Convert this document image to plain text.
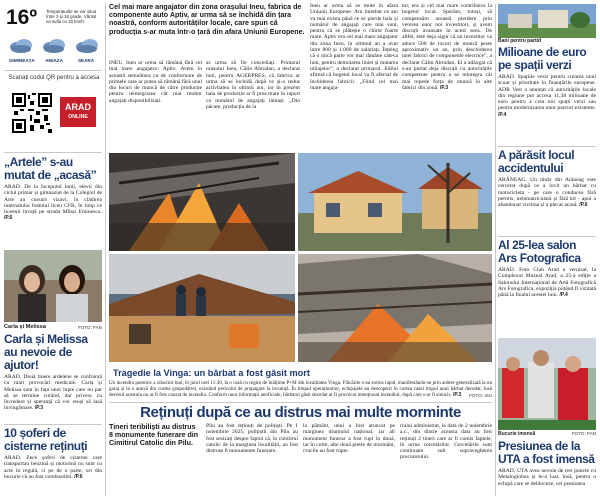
16º Temperaturile se vor situa între 3 și 16 grade. Vântul va sufla cu 10 km/h.
DIMINEAȚA	AMIAZA	SEARA
Scanați codul QR pentru a accesa
ARAD
ONLINE
„Artele” s-au mutat de „acasă”
ARAD. De la începutul lunii, elevii din ciclul primar și gimnazial de la Colegiul de Arte au cursuri vizavi, în clădirea internatului fostului liceu CFR, în timp ce liceenii învață pe strada Mihai Eminescu. /P.6
Carla și Melissa	FOTO: FAN
Carla și Melissa au nevoie de ajutor!
ARAD. Două tinere ardelene se confruntă cu mari provocări medicale. Carla și Melissa sunt în fața unor lupte care nu par să se termine curând, dar privesc cu încredere și speranță că vor reuși să lasă învingătoare. /P.3
10 șoferi de cisterne reținuți
ARAD. Zece șoferi de cisterne care transportau benzină și motorină nu sunt cu acte în regulă, ci pe de o parte, ori din bucurie că au fost combustibil. /P.6
Cel mai mare angajator din zona orașului Ineu, fabrica de componente auto Aptiv, ar urma să se închidă din țara noastră, conform autorităților locale, care spun că producția s-ar muta într-o țară din afara Uniunii Europene.
INEU. Ineu ar urma să rămână fără cel mai mare angajator: Aptiv. Avem în această semnătura cu de conformare de primele care ar putea să rămână fără unul din locuri de muncă de către producție pentru reintegrarea cât mai multor angajați disponibilizați.
ar urma să fie concediați. Primarul orașului Ineu, Călin Abrudan, a declarat luni, pentru AGERPRES, că fabrica ar urma să se închidă după ce și-a redus activitatea în ultimii ani, iar în prezent hala de producție ar fi prea mare în raport cu numărul de angajați rămași. „Din păcate, producția de la
Ineu ar urma să se mute în afara Uniunii Europene. Am întrebat ce ani va mai exista până ce se pierde hala și numărul de angajați care mai sunt, pentru că se plătește o chirie foarte mare. Aptiv era cel mai mare angajator din zona Ineu, în ultimul an a avut între 800 și 1.000 de salariați. Înțeleg că o mică parte vor mai rămâne câteva luni, pentru demolarea liniei și mutarea utilajelor”, a declarat primarul. Edilul afirmă că bugetul local va fi afectat de închiderea fabricii. „Fiind cel mai mare angaja-
tor, era și cel mai mare contributor la bugetul local. Sperăm, totuși, să compensăm această pierdere prin venirea unor noi investitori, și avem discuții avansate în acest sens. De altfel, este deja sigur că un investitor va aduce 500 de locuri de muncă peste aproximativ un an, prin deschiderea unei fabrici de componente electrice”, a declarat Călin Abrudan. El a adăugat că s-au purtat deja discuții cu autoritățile competente pentru a se reintegra cât mai repede forța de muncă în alte fabrici din zonă. /P.3
Tragedie la Vinga: un bărbat a fost găsit mort
Un incendiu puternic a izbucnit luni, în jurul orei 11:30, la o casă cu regim de înălțime P+M din localitatea Vinga. Flăcările s-au extins rapid, manifestându-se prin ardere generalizată la un garaj și la o anexă din curtea gospodăriei, existând pericolul de propagare la locuință. În timpul operațiunilor, echipajele au descoperit în curtea casei trupul unui bărbat decedat, însă decesul acestuia nu ar fi fost cauzat de incendiu. Conform unor informații neoficiale, bărbatul găsit decedat ar fi provocat intenționat incendiul, după care s-ar fi sinucis. /P.3 FOTO: ISU
Reținuți după ce au distrus mai multe morminte
Tineri teribiliști au distrus 8 monumente funerare din Cimitirul Catolic din Pilu.
Pilu au fost reținuți de polițiști. Pe 1 noiembrie 2025, polițiștii din Pilu au fost sesizați despre faptul că, în cimitirul catolic de la marginea localității, au fost distruse 8 monumente funerare.
la pământ, unui a fost aruncat pe marginea drumului național, iar alt monument funerar a fost rupt în două, iar în curte, alte două pietre de mormânt, crucile au fost rupte.
riului administrat, la data de 2 noiembrie a.c., din dintre aceasta data au fost reținuți 2 tineri care ar fi comis faptele, în urma cercetărilor. Cercetările sunt continuate sub supravegherea procurorului.
Bani pentru partid
Milioane de euro pe spații verzi
ARAD. Spațiile verzi pentru crearea unui scuar și prioritate în finanțările europene. ADR Vest a anunțat că autoritățile locale din regiune pot accesa 11,38 milioane de euro pentru a crea noi spații verzi sau pentru modernizarea unor parcuri existente. /P.4
A părăsit locul accidentului
ARĂNEAG. Un tânăr din Arăneag este cercetat după ce a lovit un bărbat cu motocicleta - pe care o conducea fără permis, neînmatriculată și fără kit - apoi a abandonat victima și a plecat acasă. /P.6
Al 25-lea salon Ars Fotografica
ARAD. Foto Club Arad a vernisat, la Complexul Muzeal Arad, a 25-a ediție a Salonului Internațional de Artă Fotografică Ars Fotografica, expoziția putând fi vizitată până la finalul acestei luni. /P.4
Bucurie imensă	FOTO: FAN
Presiunea de la UTA a fost imensă
ARAD. UTA avea nevoie de trei puncte cu Metaloglobus și le-a luat, însă, pentru o echipă care se debloceze, cel presiunea
